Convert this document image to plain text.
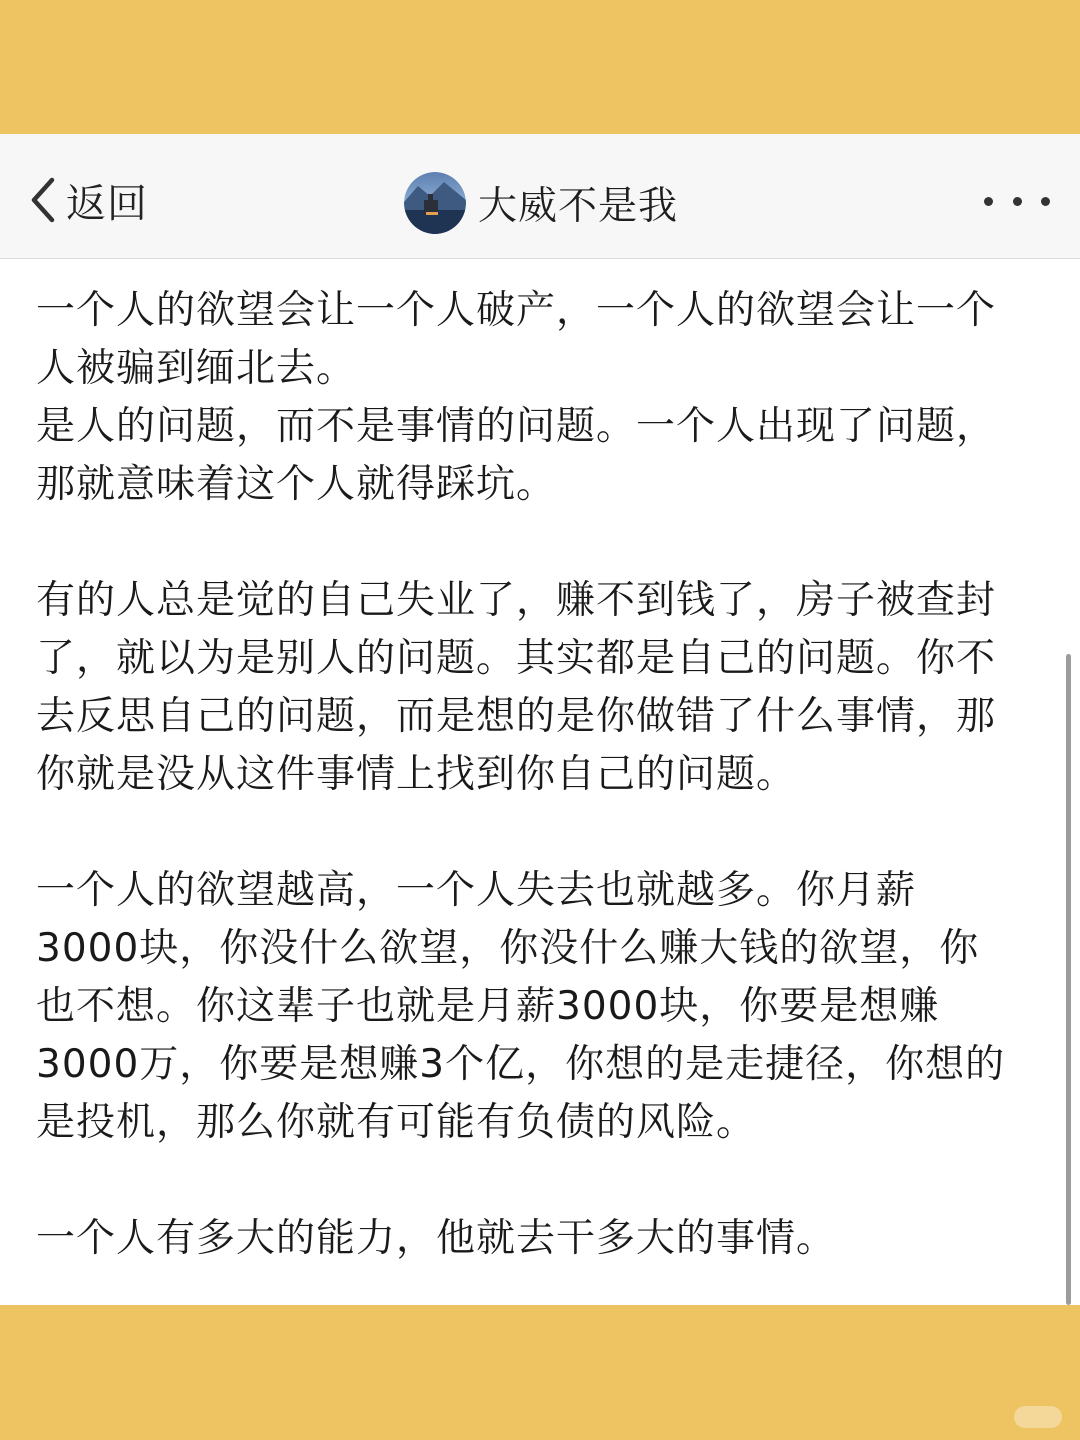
返回	大威不是我

一个人的欲望会让一个人破产，一个人的欲望会让一个
人被骗到缅北去。
是人的问题，而不是事情的问题。一个人出现了问题，
那就意味着这个人就得踩坑。

有的人总是觉的自己失业了，赚不到钱了，房子被查封
了，就以为是别人的问题。其实都是自己的问题。你不
去反思自己的问题，而是想的是你做错了什么事情，那
你就是没从这件事情上找到你自己的问题。

一个人的欲望越高，一个人失去也就越多。你月薪
3000块，你没什么欲望，你没什么赚大钱的欲望，你
也不想。你这辈子也就是月薪3000块，你要是想赚
3000万，你要是想赚3个亿，你想的是走捷径，你想的
是投机，那么你就有可能有负债的风险。

一个人有多大的能力，他就去干多大的事情。
